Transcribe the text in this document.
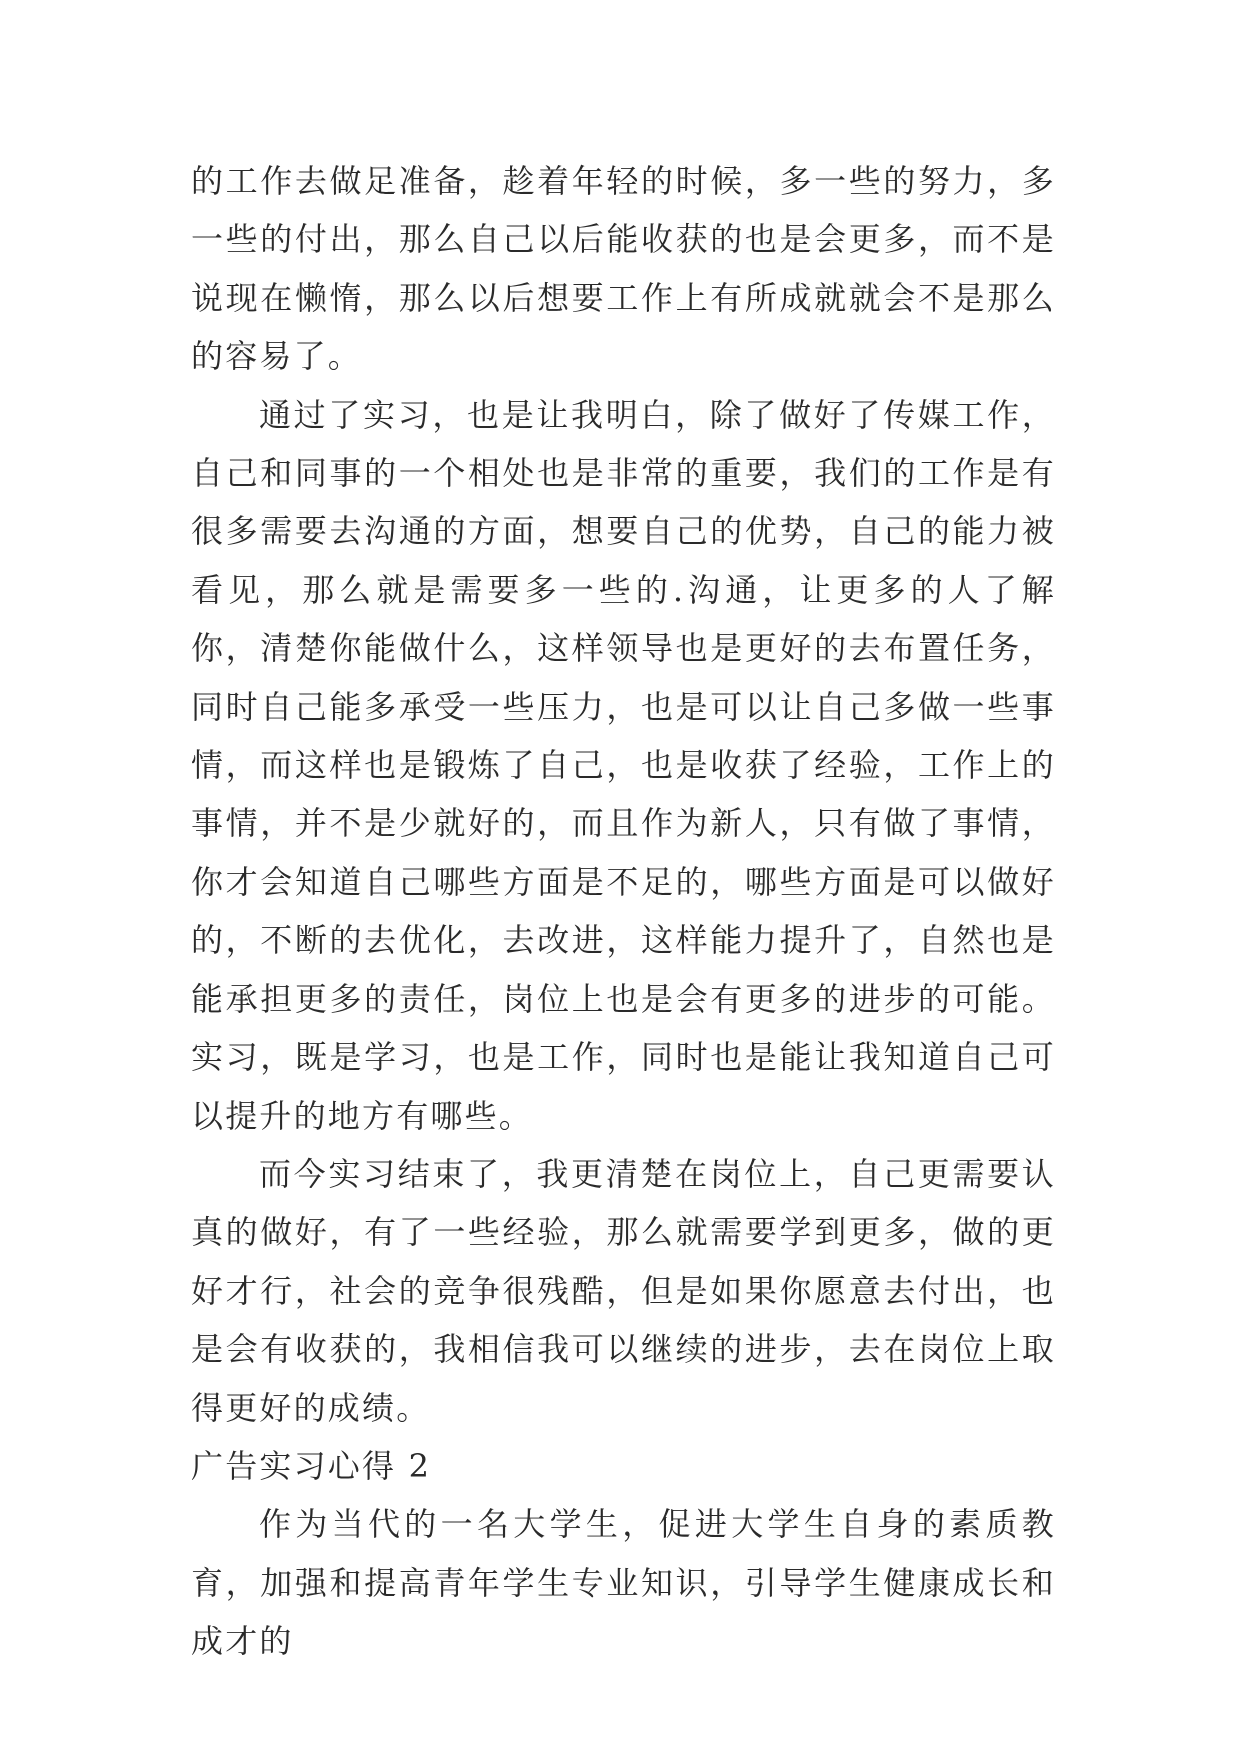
的工作去做足准备，趁着年轻的时候，多一些的努力，多一些的付出，那么自己以后能收获的也是会更多，而不是说现在懒惰，那么以后想要工作上有所成就就会不是那么的容易了。

通过了实习，也是让我明白，除了做好了传媒工作，自己和同事的一个相处也是非常的重要，我们的工作是有很多需要去沟通的方面，想要自己的优势，自己的能力被看见，那么就是需要多一些的.沟通，让更多的人了解你，清楚你能做什么，这样领导也是更好的去布置任务，同时自己能多承受一些压力，也是可以让自己多做一些事情，而这样也是锻炼了自己，也是收获了经验，工作上的事情，并不是少就好的，而且作为新人，只有做了事情，你才会知道自己哪些方面是不足的，哪些方面是可以做好的，不断的去优化，去改进，这样能力提升了，自然也是能承担更多的责任，岗位上也是会有更多的进步的可能。实习，既是学习，也是工作，同时也是能让我知道自己可以提升的地方有哪些。

而今实习结束了，我更清楚在岗位上，自己更需要认真的做好，有了一些经验，那么就需要学到更多，做的更好才行，社会的竞争很残酷，但是如果你愿意去付出，也是会有收获的，我相信我可以继续的进步，去在岗位上取得更好的成绩。

广告实习心得 2

作为当代的一名大学生，促进大学生自身的素质教育，加强和提高青年学生专业知识，引导学生健康成长和成才的
